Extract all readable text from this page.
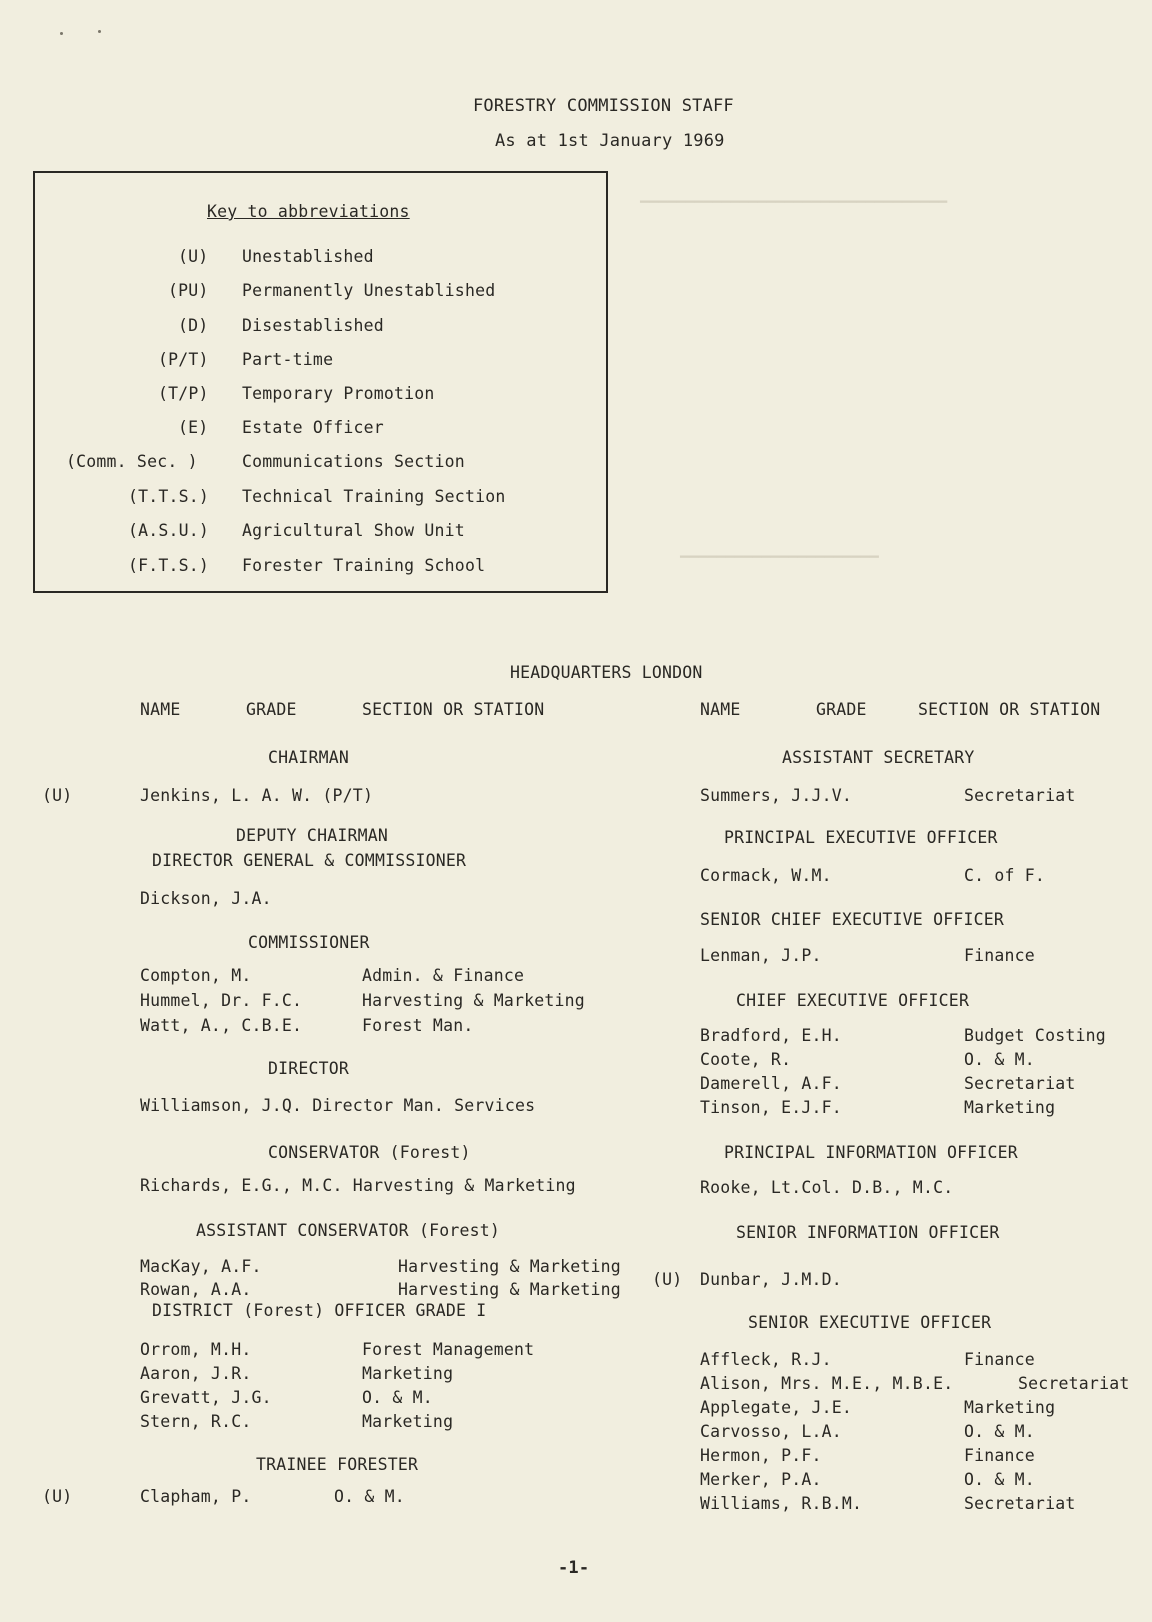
▁▁▁▁▁▁▁▁▁▁▁▁▁▁▁▁▁▁▁▁▁▁▁▁▁▁▁▁▁▁▁▁▁▁
▁▁▁▁▁▁▁▁▁▁▁▁▁▁▁▁▁▁▁▁▁▁
FORESTRY COMMISSION STAFF
As at 1st January 1969
Key to abbreviations
(U) Unestablished
(PU) Permanently Unestablished
(D) Disestablished
(P/T) Part-time
(T/P) Temporary Promotion
(E) Estate Officer
(Comm. Sec. )	Communications Section
(T.T.S.) Technical Training Section
(A.S.U.) Agricultural Show Unit
(F.T.S.) Forester Training School
HEADQUARTERS LONDON
NAME	GRADE	SECTION OR STATION	NAME	GRADE	SECTION OR STATION
CHAIRMAN
(U)	Jenkins, L. A. W. (P/T)
DEPUTY CHAIRMAN
DIRECTOR GENERAL & COMMISSIONER
Dickson, J.A.
COMMISSIONER
Compton, M.	Admin. & Finance
Hummel, Dr. F.C.	Harvesting & Marketing
Watt, A., C.B.E.	Forest Man.
DIRECTOR
Williamson, J.Q. Director Man. Services
CONSERVATOR (Forest)
Richards, E.G., M.C. Harvesting & Marketing
ASSISTANT CONSERVATOR (Forest)
MacKay, A.F.	Harvesting & Marketing
Rowan, A.A.	Harvesting & Marketing
DISTRICT (Forest) OFFICER GRADE I
Orrom, M.H.	Forest Management
Aaron, J.R.	Marketing
Grevatt, J.G.	O. & M.
Stern, R.C.	Marketing
TRAINEE FORESTER
(U)	Clapham, P.	O. & M.
ASSISTANT SECRETARY
Summers, J.J.V.	Secretariat
PRINCIPAL EXECUTIVE OFFICER
Cormack, W.M.	C. of F.
SENIOR CHIEF EXECUTIVE OFFICER
Lenman, J.P.	Finance
CHIEF EXECUTIVE OFFICER
Bradford, E.H.	Budget Costing
Coote, R.	O. & M.
Damerell, A.F.	Secretariat
Tinson, E.J.F.	Marketing
PRINCIPAL INFORMATION OFFICER
Rooke, Lt.Col. D.B., M.C.
SENIOR INFORMATION OFFICER
(U) Dunbar, J.M.D.
SENIOR EXECUTIVE OFFICER
Affleck, R.J.	Finance
Alison, Mrs. M.E., M.B.E.	Secretariat
Applegate, J.E.	Marketing
Carvosso, L.A.	O. & M.
Hermon, P.F.	Finance
Merker, P.A.	O. & M.
Williams, R.B.M.	Secretariat
-1-
